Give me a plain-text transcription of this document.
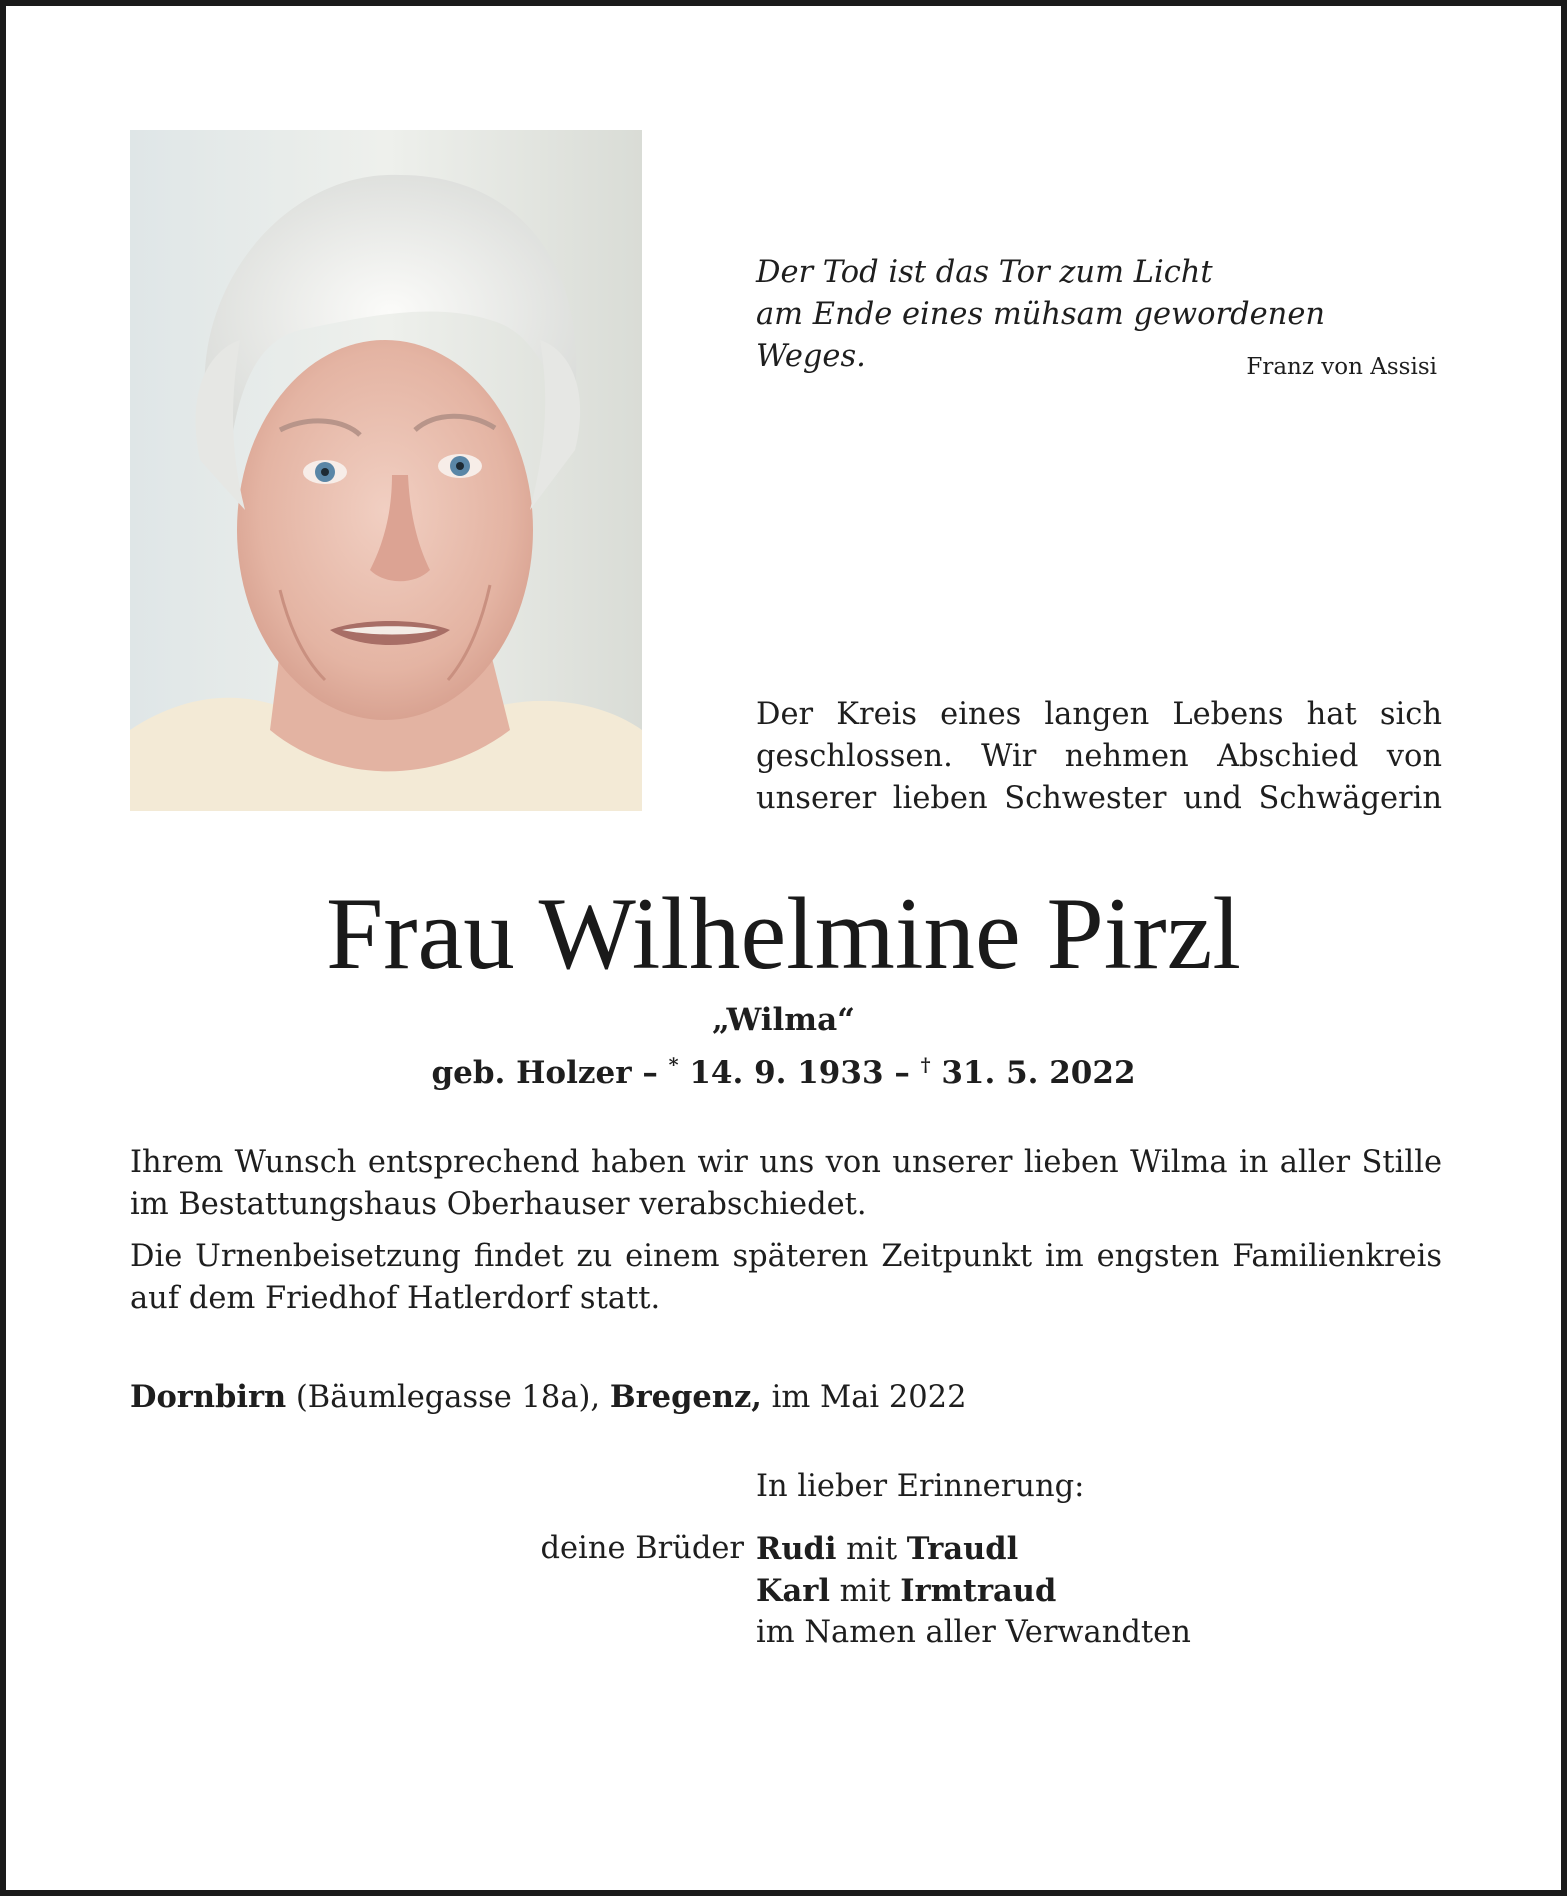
Der Tod ist das Tor zum Licht
am Ende eines mühsam gewordenen Weges.	Franz von Assisi
Der Kreis eines langen Lebens hat sich
geschlossen. Wir nehmen Abschied von
unserer lieben Schwester und Schwägerin
Frau Wilhelmine Pirzl
„Wilma“
geb. Holzer – * 14. 9. 1933 – † 31. 5. 2022
Ihrem Wunsch entsprechend haben wir uns von unserer lieben Wilma in aller Stille im Bestattungshaus Oberhauser verabschiedet.
Die Urnenbeisetzung findet zu einem späteren Zeitpunkt im engsten Familienkreis auf dem Friedhof Hatlerdorf statt.
Dornbirn (Bäumlegasse 18a), Bregenz, im Mai 2022
In lieber Erinnerung:
deine Brüder Rudi mit Traudl
Karl mit Irmtraud
im Namen aller Verwandten
